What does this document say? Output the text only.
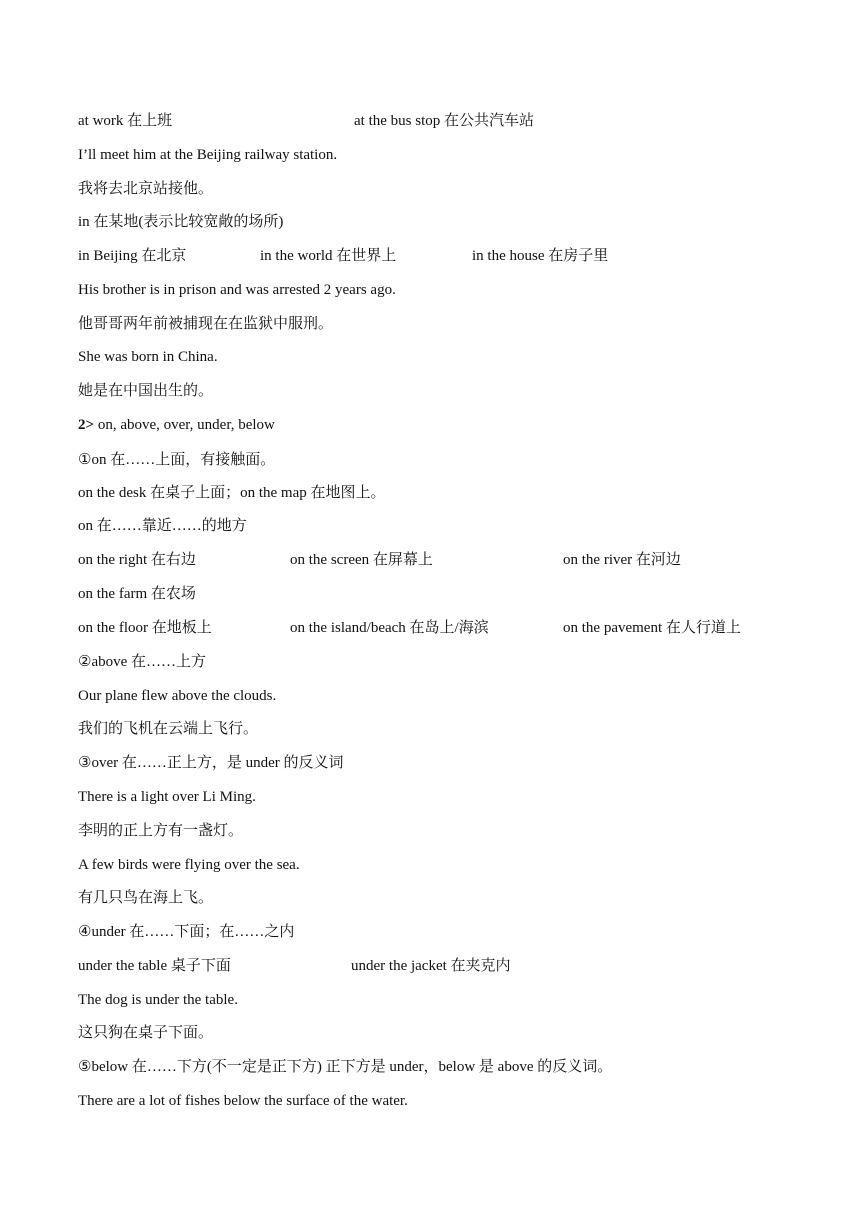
at work 在上班	at the bus stop 在公共汽车站
I’ll meet him at the Beijing railway station.
我将去北京站接他。
in 在某地(表示比较宽敞的场所)
in Beijing 在北京	in the world 在世界上	in the house 在房子里
His brother is in prison and was arrested 2 years ago.
他哥哥两年前被捕现在在监狱中服刑。
She was born in China.
她是在中国出生的。
2> on, above, over, under, below
①on 在……上面，有接触面。
on the desk 在桌子上面；on the map 在地图上。
on 在……靠近……的地方
on the right 在右边	on the screen 在屏幕上	on the river 在河边
on the farm 在农场
on the floor 在地板上	on the island/beach 在岛上/海滨	on the pavement 在人行道上
②above 在……上方
Our plane flew above the clouds.
我们的飞机在云端上飞行。
③over 在……正上方，是 under 的反义词
There is a light over Li Ming.
李明的正上方有一盏灯。
A few birds were flying over the sea.
有几只鸟在海上飞。
④under 在……下面；在……之内
under the table 桌子下面	under the jacket 在夹克内
The dog is under the table.
这只狗在桌子下面。
⑤below 在……下方(不一定是正下方) 正下方是 under，below 是 above 的反义词。
There are a lot of fishes below the surface of the water.
